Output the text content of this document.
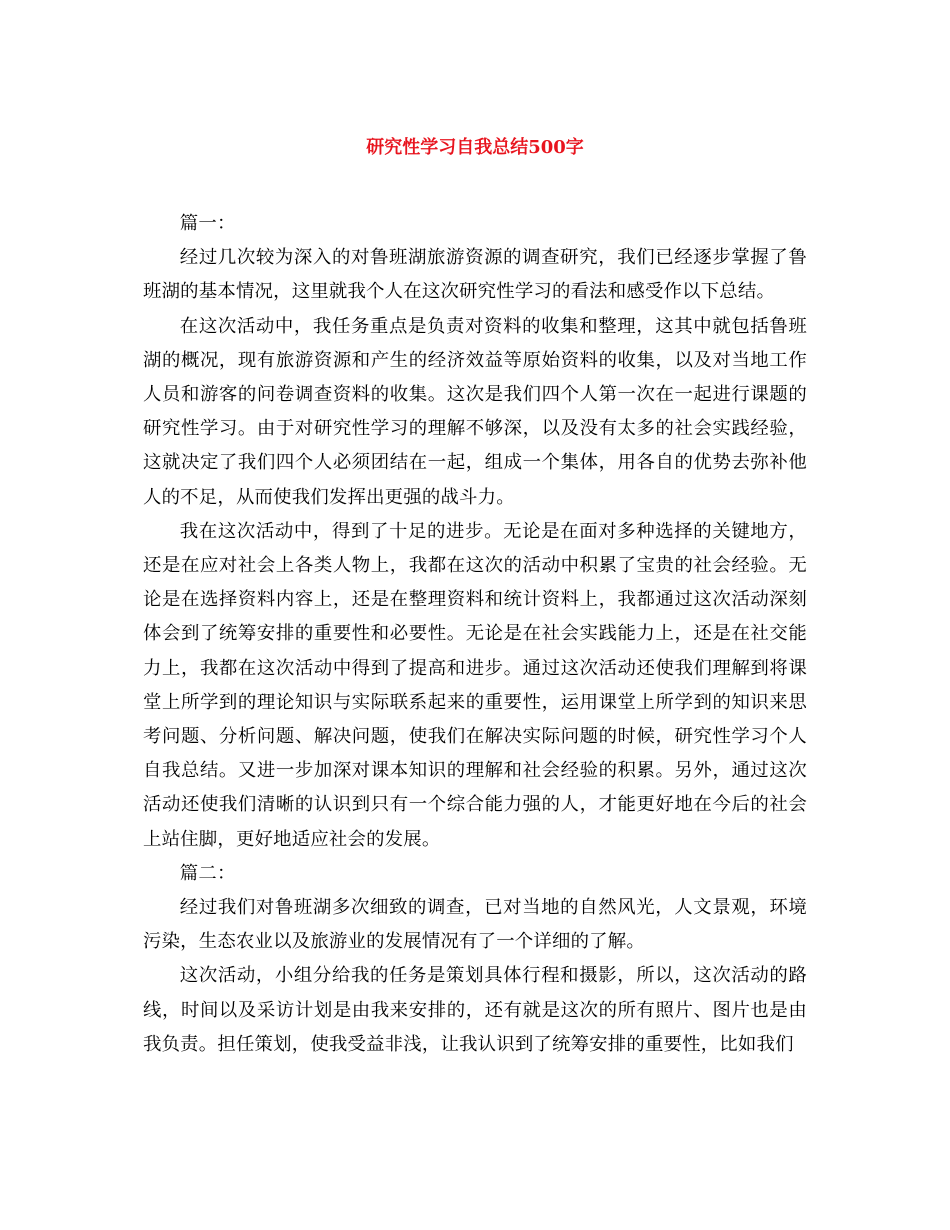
研究性学习自我总结500字

篇一：

经过几次较为深入的对鲁班湖旅游资源的调查研究，我们已经逐步掌握了鲁班湖的基本情况，这里就我个人在这次研究性学习的看法和感受作以下总结。

在这次活动中，我任务重点是负责对资料的收集和整理，这其中就包括鲁班湖的概况，现有旅游资源和产生的经济效益等原始资料的收集，以及对当地工作人员和游客的问卷调查资料的收集。这次是我们四个人第一次在一起进行课题的研究性学习。由于对研究性学习的理解不够深，以及没有太多的社会实践经验，这就决定了我们四个人必须团结在一起，组成一个集体，用各自的优势去弥补他人的不足，从而使我们发挥出更强的战斗力。

我在这次活动中，得到了十足的进步。无论是在面对多种选择的关键地方，还是在应对社会上各类人物上，我都在这次的活动中积累了宝贵的社会经验。无论是在选择资料内容上，还是在整理资料和统计资料上，我都通过这次活动深刻体会到了统筹安排的重要性和必要性。无论是在社会实践能力上，还是在社交能力上，我都在这次活动中得到了提高和进步。通过这次活动还使我们理解到将课堂上所学到的理论知识与实际联系起来的重要性，运用课堂上所学到的知识来思考问题、分析问题、解决问题，使我们在解决实际问题的时候，研究性学习个人自我总结。又进一步加深对课本知识的理解和社会经验的积累。另外，通过这次活动还使我们清晰的认识到只有一个综合能力强的人，才能更好地在今后的社会上站住脚，更好地适应社会的发展。

篇二：

经过我们对鲁班湖多次细致的调查，已对当地的自然风光，人文景观，环境污染，生态农业以及旅游业的发展情况有了一个详细的了解。

这次活动，小组分给我的任务是策划具体行程和摄影，所以，这次活动的路线，时间以及采访计划是由我来安排的，还有就是这次的所有照片、图片也是由我负责。担任策划，使我受益非浅，让我认识到了统筹安排的重要性，比如我们
